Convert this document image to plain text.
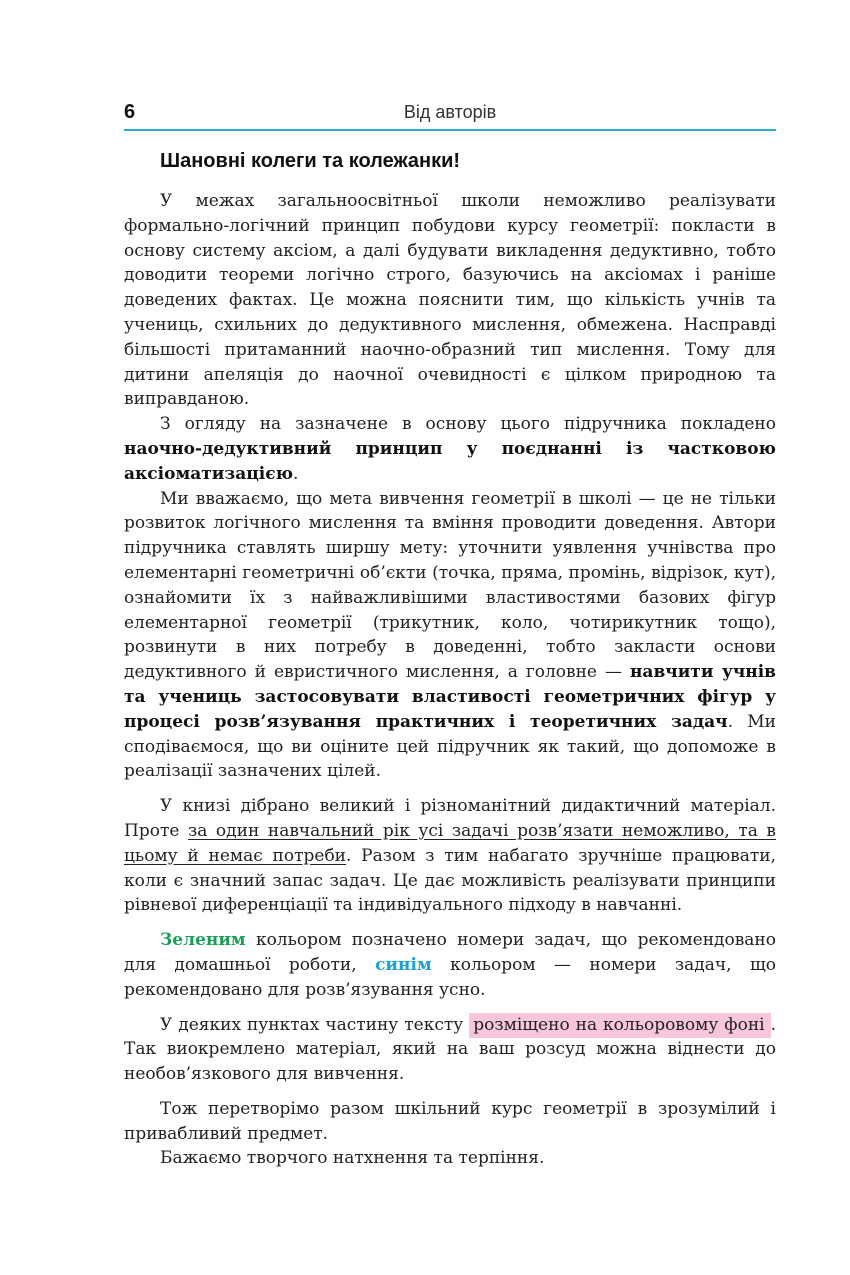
6	Від авторів
Шановні колеги та колежанки!

У межах загальноосвітньої школи неможливо реалізувати формально-логічний принцип побудови курсу геометрії: покласти в основу систему аксіом, а далі будувати викладення дедуктивно, тобто доводити теореми логічно строго, базуючись на аксіомах і раніше доведених фактах. Це можна пояснити тим, що кількість учнів та учениць, схильних до дедуктивного мислення, обмежена. Насправді більшості притаманний наочно-образний тип мислення. Тому для дитини апеляція до наочної очевидності є цілком природною та виправданою.

З огляду на зазначене в основу цього підручника покладено наочно-дедуктивний принцип у поєднанні із частковою аксіоматизацією.

Ми вважаємо, що мета вивчення геометрії в школі — це не тільки розвиток логічного мислення та вміння проводити доведення. Автори підручника ставлять ширшу мету: уточнити уявлення учнівства про елементарні геометричні об’єкти (точка, пряма, промінь, відрізок, кут), ознайомити їх з найважливішими властивостями базових фігур елементарної геометрії (трикутник, коло, чотирикутник тощо), розвинути в них потребу в доведенні, тобто закласти основи дедуктивного й евристичного мислення, а головне — навчити учнів та учениць застосовувати властивості геометричних фігур у процесі розв’язування практичних і теоретичних задач. Ми сподіваємося, що ви оціните цей підручник як такий, що допоможе в реалізації зазначених цілей.

У книзі дібрано великий і різноманітний дидактичний матеріал. Проте за один навчальний рік усі задачі розв’язати неможливо, та в цьому й немає потреби. Разом з тим набагато зручніше працювати, коли є значний запас задач. Це дає можливість реалізувати принципи рівневої диференціації та індивідуального підходу в навчанні.

Зеленим кольором позначено номери задач, що рекомендовано для домашньої роботи, синім кольором — номери задач, що рекомендовано для розв’язування усно.

У деяких пунктах частину тексту розміщено на кольоровому фоні . Так виокремлено матеріал, який на ваш розсуд можна віднести до необов’язкового для вивчення.

Тож перетворімо разом шкільний курс геометрії в зрозумілий і привабливий предмет.

Бажаємо творчого натхнення та терпіння.
